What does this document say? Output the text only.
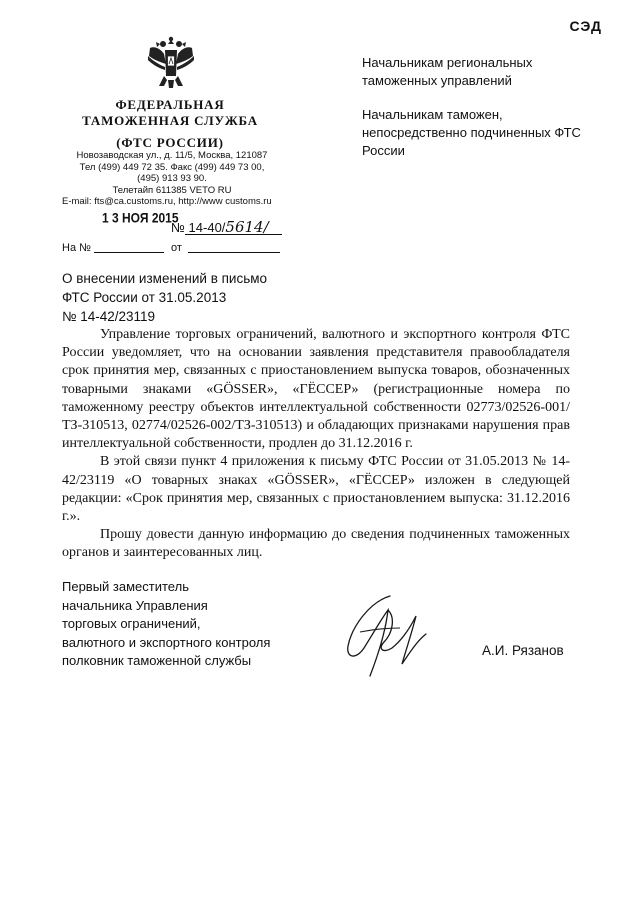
СЭД
ФЕДЕРАЛЬНАЯ
ТАМОЖЕННАЯ СЛУЖБА
(ФТС РОССИИ)
Новозаводская ул., д. 11/5, Москва, 121087
Тел (499) 449 72 35. Факс (499) 449 73 00,
(495) 913 93 90.
Телетайп 611385 VETO RU
E-mail: fts@ca.customs.ru, http://www customs.ru
1 3 НОЯ 2015
№ 14-40/5614/
На №	от

Начальникам региональных таможенных управлений

Начальникам таможен, непосредственно подчиненных ФТС России

О внесении изменений в письмо
ФТС России от 31.05.2013
№ 14-42/23119

Управление торговых ограничений, валютного и экспортного контроля ФТС России уведомляет, что на основании заявления представителя правообладателя срок принятия мер, связанных с приостановлением выпуска товаров, обозначенных товарными знаками «GÖSSER», «ГЁССЕР» (регистрационные номера по таможенному реестру объектов интеллектуальной собственности 02773/02526-001/ТЗ-310513, 02774/02526-002/ТЗ-310513) и обладающих признаками нарушения прав интеллектуальной собственности, продлен до 31.12.2016 г.

В этой связи пункт 4 приложения к письму ФТС России от 31.05.2013 № 14-42/23119 «О товарных знаках «GÖSSER», «ГЁССЕР» изложен в следующей редакции: «Срок принятия мер, связанных с приостановлением выпуска: 31.12.2016 г.».

Прошу довести данную информацию до сведения подчиненных таможенных органов и заинтересованных лиц.

Первый заместитель
начальника Управления
торговых ограничений,
валютного и экспортного контроля
полковник таможенной службы
А.И. Рязанов
